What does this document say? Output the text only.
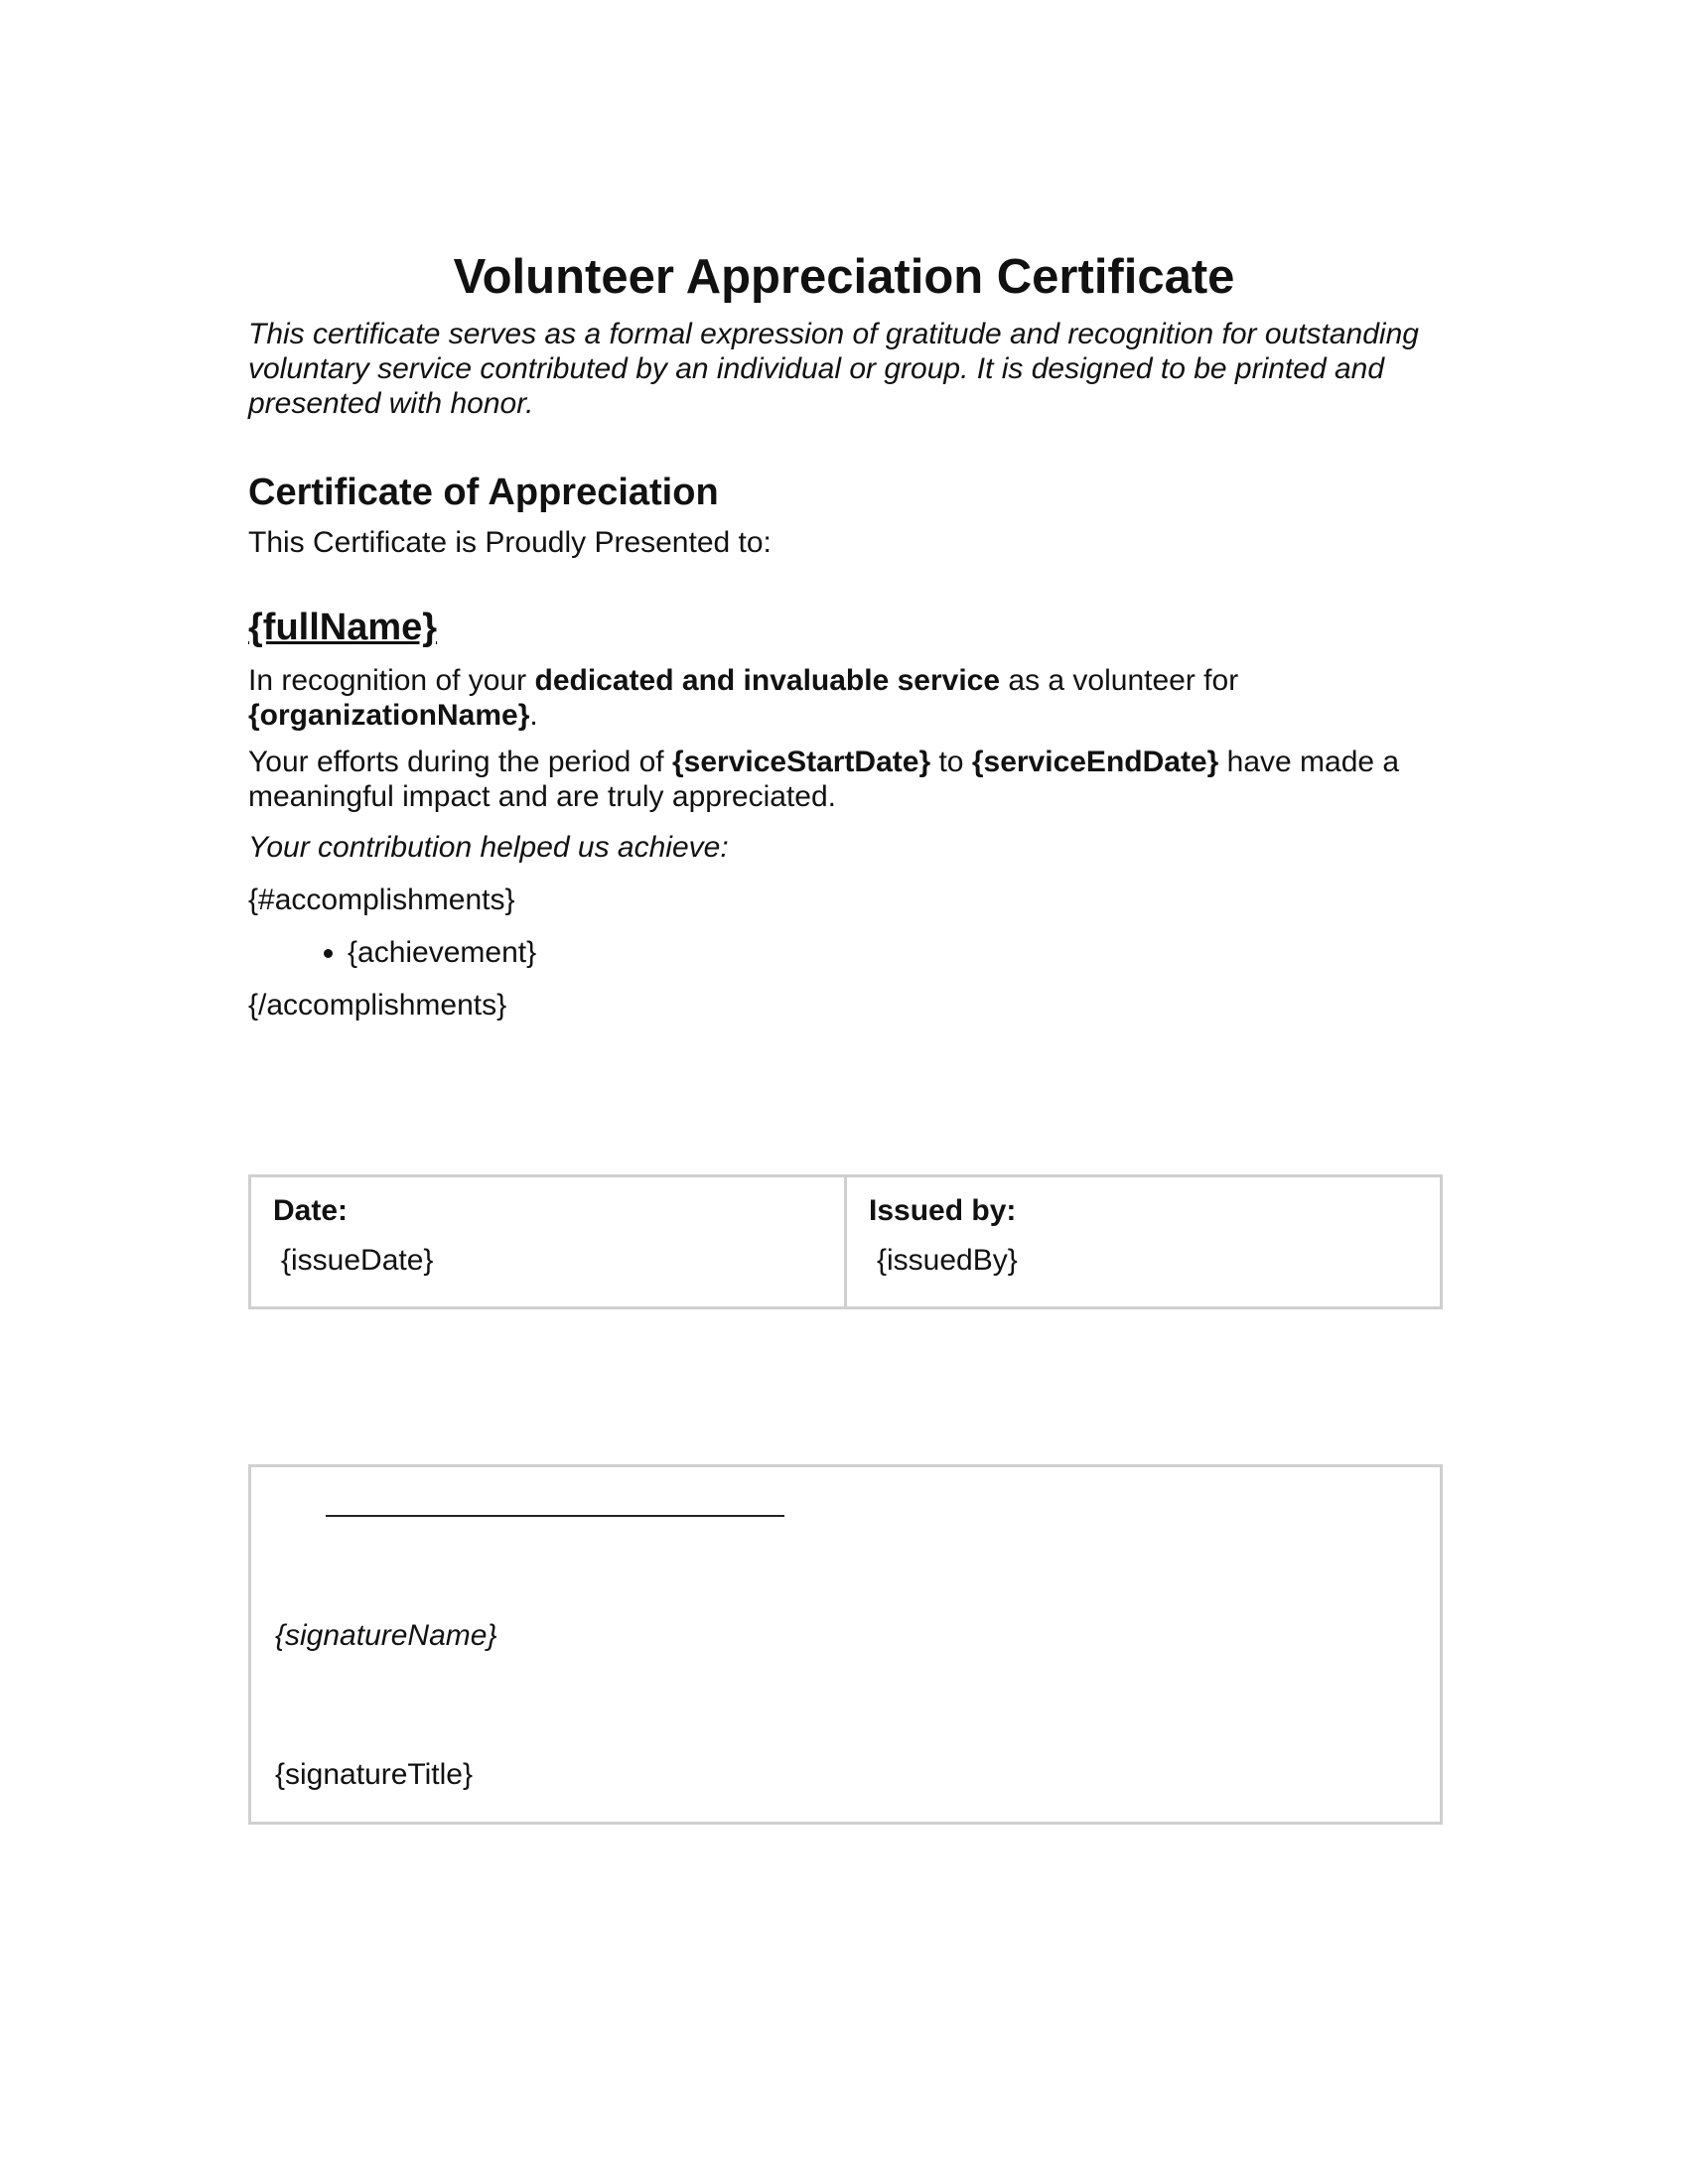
Volunteer Appreciation Certificate

This certificate serves as a formal expression of gratitude and recognition for outstanding voluntary service contributed by an individual or group. It is designed to be printed and presented with honor.

Certificate of Appreciation

This Certificate is Proudly Presented to:

{fullName}

In recognition of your dedicated and invaluable service as a volunteer for {organizationName}.

Your efforts during the period of {serviceStartDate} to {serviceEndDate} have made a meaningful impact and are truly appreciated.

Your contribution helped us achieve:

{#accomplishments}

• {achievement}

{/accomplishments}

Date:
{issueDate}
Issued by:
{issuedBy}
{signatureName}
{signatureTitle}
